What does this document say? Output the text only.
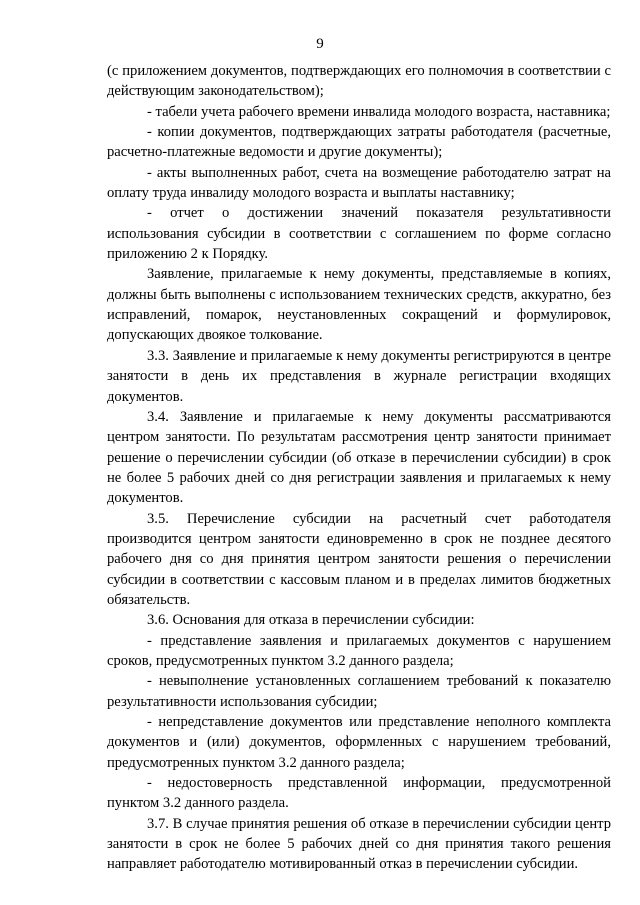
9

(с приложением документов, подтверждающих его полномочия в соответствии с действующим законодательством);

- табели учета рабочего времени инвалида молодого возраста, наставника;

- копии документов, подтверждающих затраты работодателя (расчетные, расчетно-платежные ведомости и другие документы);

- акты выполненных работ, счета на возмещение работодателю затрат на оплату труда инвалиду молодого возраста и выплаты наставнику;

- отчет о достижении значений показателя результативности использования субсидии в соответствии с соглашением по форме согласно приложению 2 к Порядку.

Заявление, прилагаемые к нему документы, представляемые в копиях, должны быть выполнены с использованием технических средств, аккуратно, без исправлений, помарок, неустановленных сокращений и формулировок, допускающих двоякое толкование.

3.3. Заявление и прилагаемые к нему документы регистрируются в центре занятости в день их представления в журнале регистрации входящих документов.

3.4. Заявление и прилагаемые к нему документы рассматриваются центром занятости. По результатам рассмотрения центр занятости принимает решение о перечислении субсидии (об отказе в перечислении субсидии) в срок не более 5 рабочих дней со дня регистрации заявления и прилагаемых к нему документов.

3.5. Перечисление субсидии на расчетный счет работодателя производится центром занятости единовременно в срок не позднее десятого рабочего дня со дня принятия центром занятости решения о перечислении субсидии в соответствии с кассовым планом и в пределах лимитов бюджетных обязательств.

3.6. Основания для отказа в перечислении субсидии:

- представление заявления и прилагаемых документов с нарушением сроков, предусмотренных пунктом 3.2 данного раздела;

- невыполнение установленных соглашением требований к показателю результативности использования субсидии;

- непредставление документов или представление неполного комплекта документов и (или) документов, оформленных с нарушением требований, предусмотренных пунктом 3.2 данного раздела;

- недостоверность представленной информации, предусмотренной пунктом 3.2 данного раздела.

3.7. В случае принятия решения об отказе в перечислении субсидии центр занятости в срок не более 5 рабочих дней со дня принятия такого решения направляет работодателю мотивированный отказ в перечислении субсидии.
